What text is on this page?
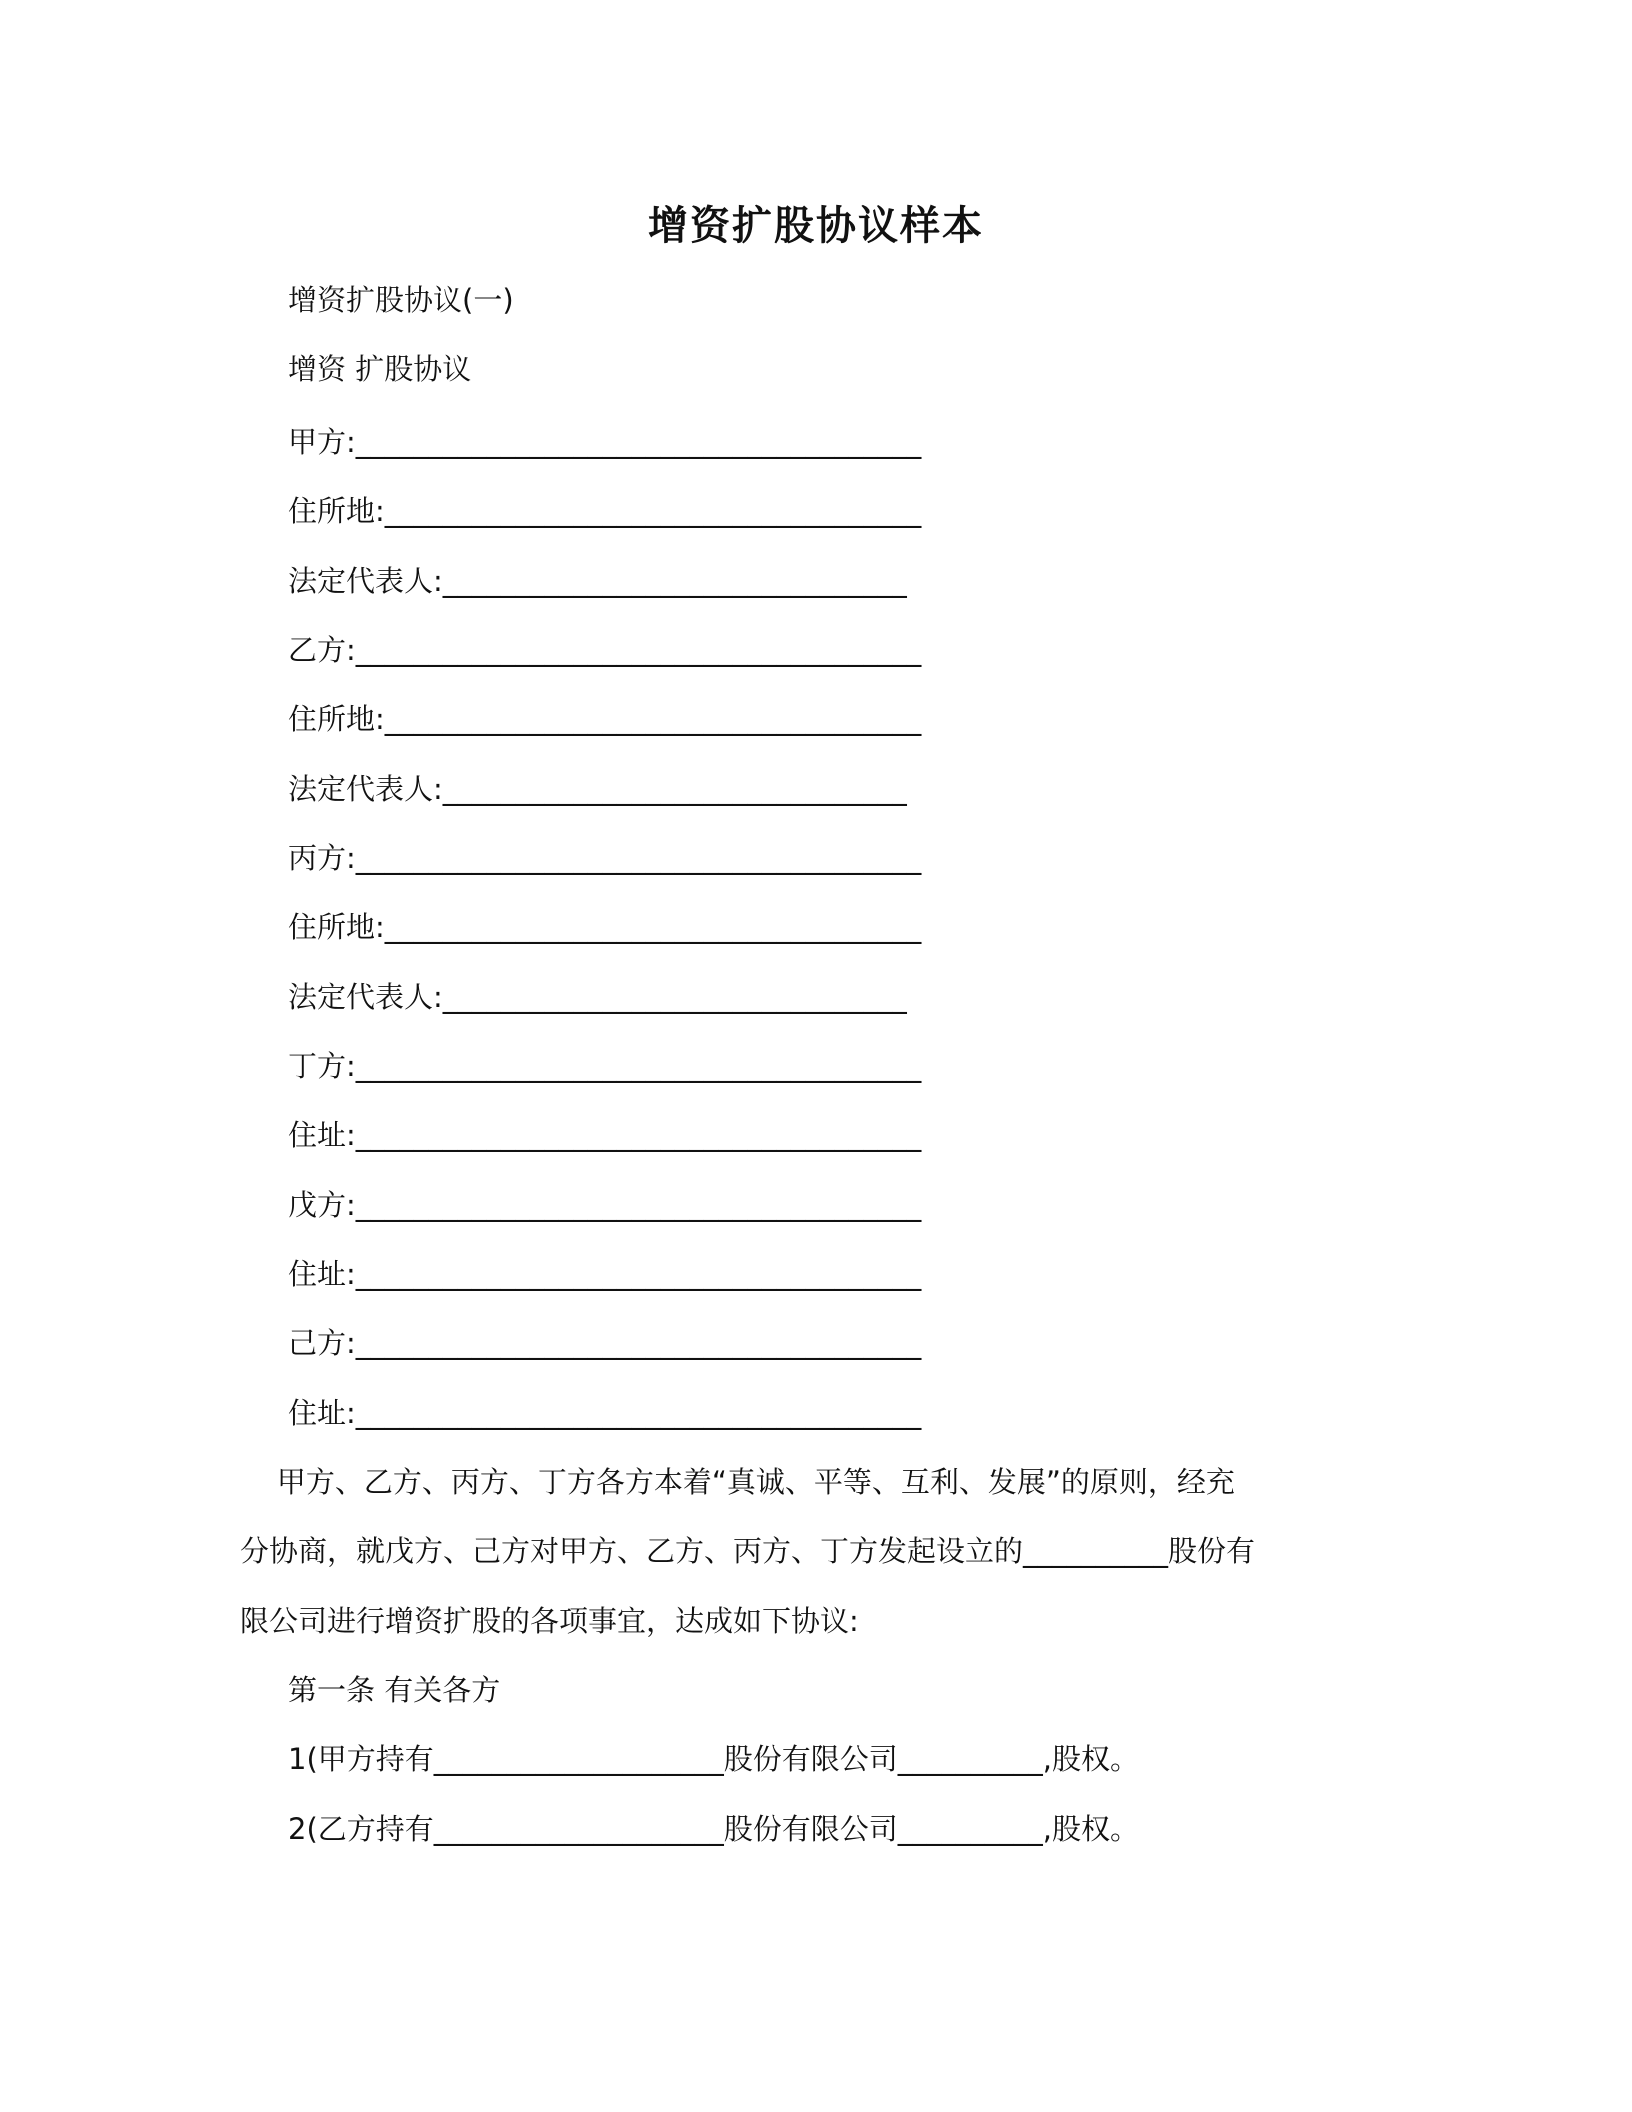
增资扩股协议样本
增资扩股协议(一)
增资 扩股协议
甲方:_______________________________________
住所地:_____________________________________
法定代表人:________________________________
乙方:_______________________________________
住所地:_____________________________________
法定代表人:________________________________
丙方:_______________________________________
住所地:_____________________________________
法定代表人:________________________________
丁方:_______________________________________
住址:_______________________________________
戊方:_______________________________________
住址:_______________________________________
己方:_______________________________________
住址:_______________________________________
甲方、乙方、丙方、丁方各方本着“真诚、平等、互利、发展”的原则，经充
分协商，就戊方、己方对甲方、乙方、丙方、丁方发起设立的__________股份有
限公司进行增资扩股的各项事宜，达成如下协议:
第一条 有关各方
1(甲方持有____________________股份有限公司__________,股权。
2(乙方持有____________________股份有限公司__________,股权。
